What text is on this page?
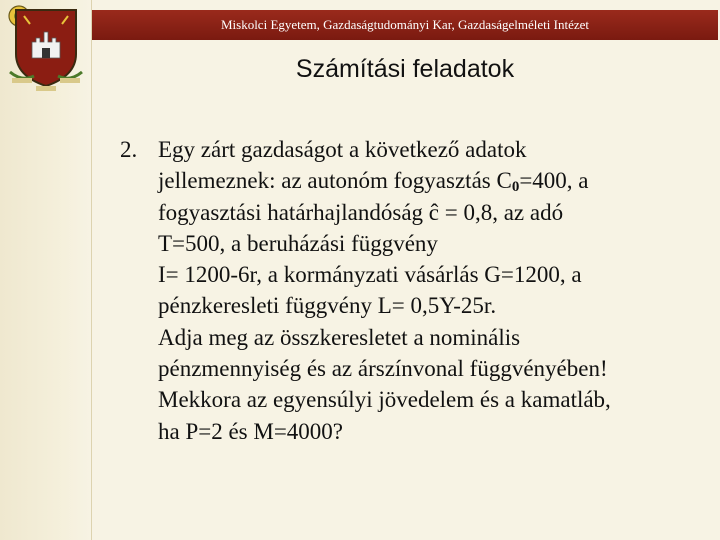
Miskolci Egyetem, Gazdaságtudományi Kar, Gazdaságelméleti Intézet
Számítási feladatok
2. Egy zárt gazdaságot a következő adatok
jellemeznek: az autonóm fogyasztás $C_0=400$, a
fogyasztási határhajlandóság ĉ = 0,8, az adó
T=500, a beruházási függvény
I= 1200-6r, a kormányzati vásárlás G=1200, a
pénzkeresleti függvény L= 0,5Y-25r.
Adja meg az összkeresletet a nominális
pénzmennyiség és az árszínvonal függvényében!
Mekkora az egyensúlyi jövedelem és a kamatláb,
ha P=2 és M=4000?
